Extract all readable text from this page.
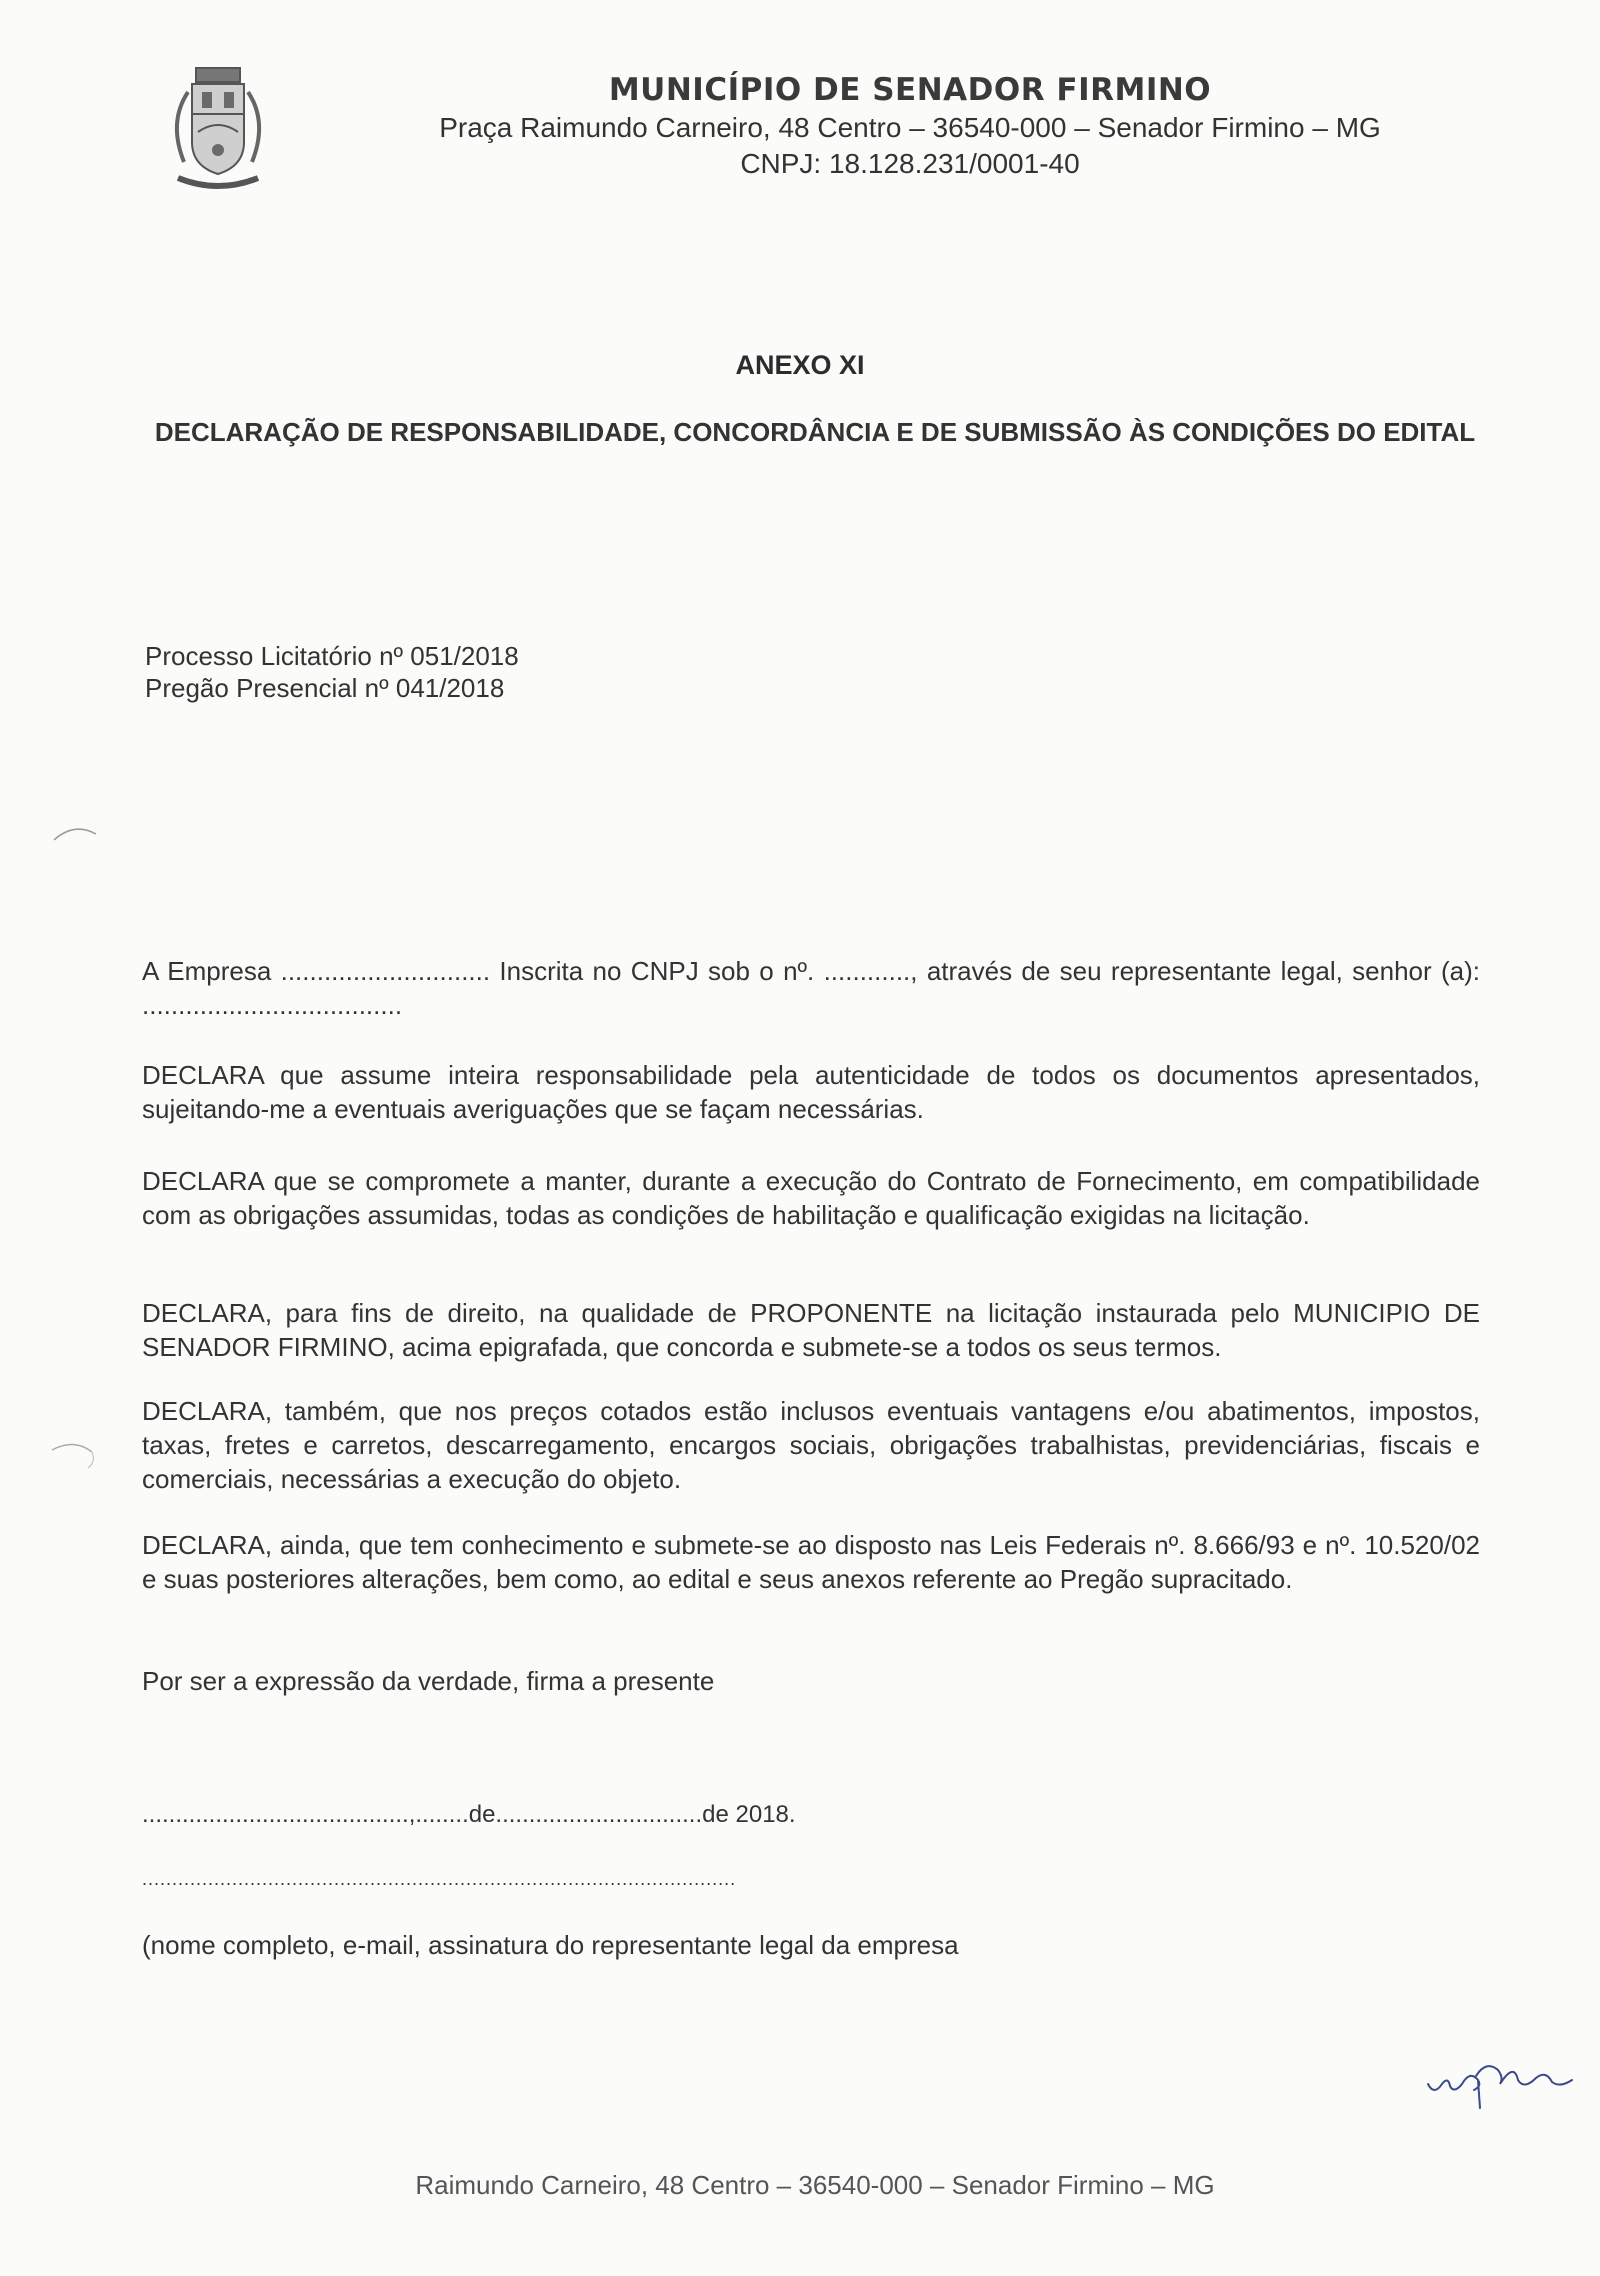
MUNICÍPIO DE SENADOR FIRMINO
Praça Raimundo Carneiro, 48 Centro – 36540-000 – Senador Firmino – MG
CNPJ: 18.128.231/0001-40
ANEXO XI
DECLARAÇÃO DE RESPONSABILIDADE, CONCORDÂNCIA E DE SUBMISSÃO ÀS CONDIÇÕES DO EDITAL
Processo Licitatório nº 051/2018
Pregão Presencial nº 041/2018
A Empresa ............................. Inscrita no CNPJ sob o nº. ............, através de seu representante legal, senhor (a): ....................................
DECLARA que assume inteira responsabilidade pela autenticidade de todos os documentos apresentados, sujeitando-me a eventuais averiguações que se façam necessárias.
DECLARA que se compromete a manter, durante a execução do Contrato de Fornecimento, em compatibilidade com as obrigações assumidas, todas as condições de habilitação e qualificação exigidas na licitação.
DECLARA, para fins de direito, na qualidade de PROPONENTE na licitação instaurada pelo MUNICIPIO DE SENADOR FIRMINO, acima epigrafada, que concorda e submete-se a todos os seus termos.
DECLARA, também, que nos preços cotados estão inclusos eventuais vantagens e/ou abatimentos, impostos, taxas, fretes e carretos, descarregamento, encargos sociais, obrigações trabalhistas, previdenciárias, fiscais e comerciais, necessárias a execução do objeto.
DECLARA, ainda, que tem conhecimento e submete-se ao disposto nas Leis Federais nº. 8.666/93 e nº. 10.520/02 e suas posteriores alterações, bem como, ao edital e seus anexos referente ao Pregão supracitado.
Por ser a expressão da verdade, firma a presente
........................................,........de...............................de 2018.
...................................................................................................
(nome completo, e-mail, assinatura do representante legal da empresa
Raimundo Carneiro, 48 Centro – 36540-000 – Senador Firmino – MG
